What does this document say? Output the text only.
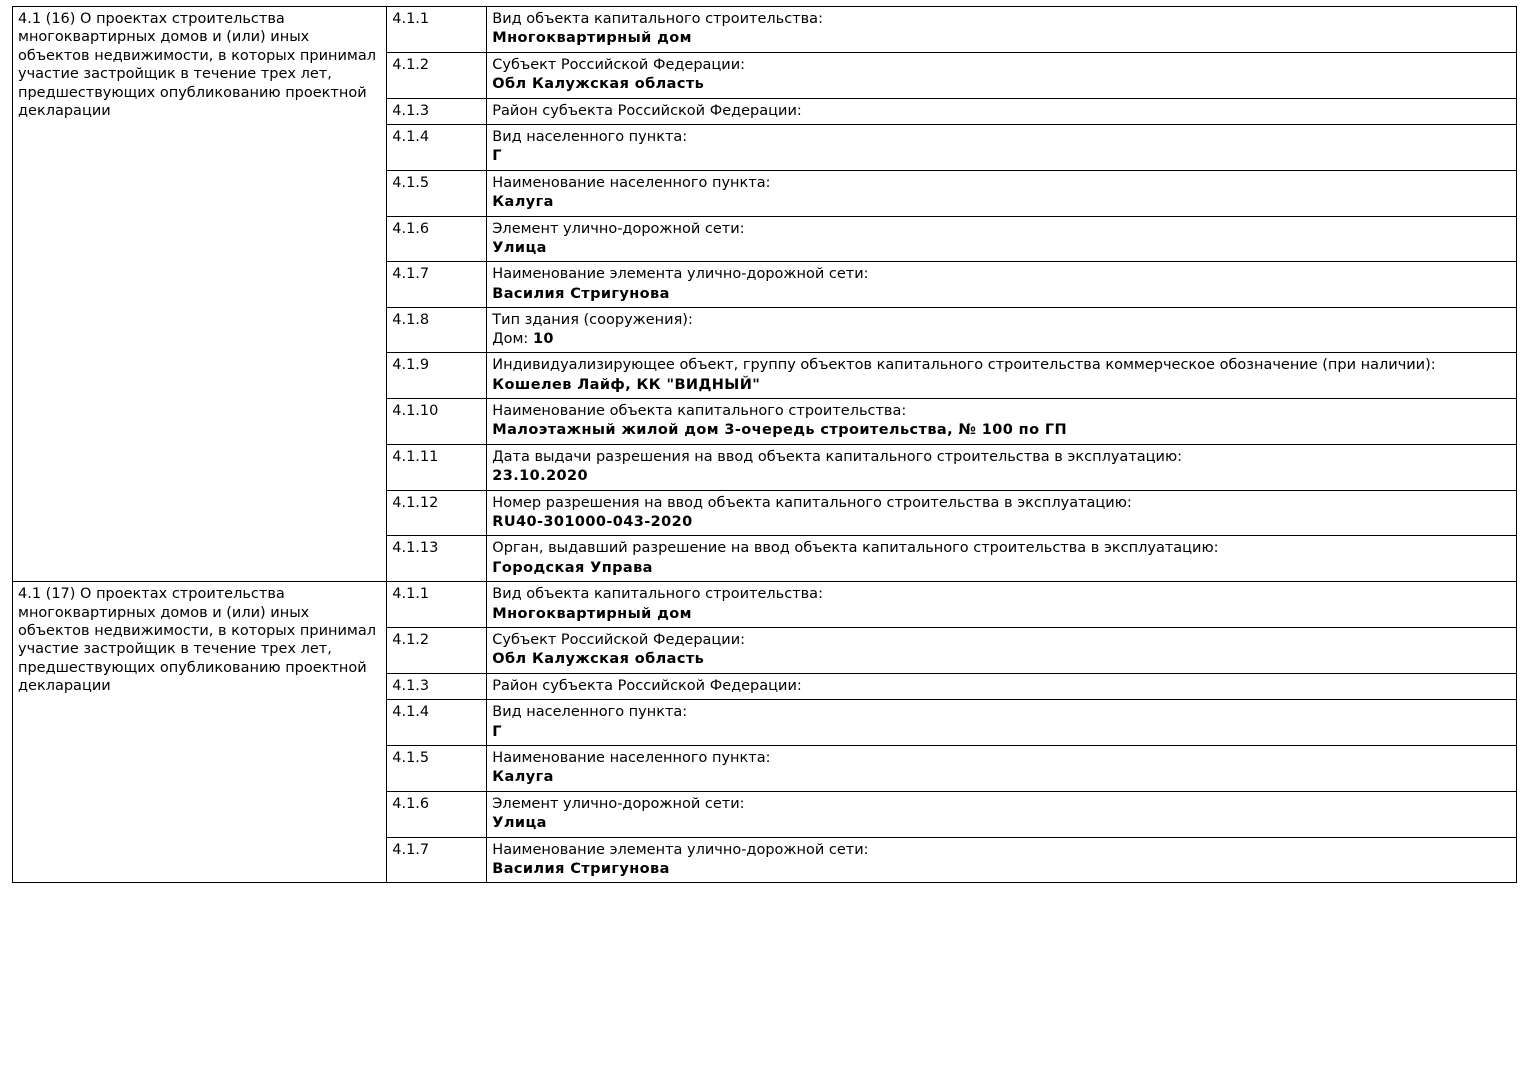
4.1 (16) О проектах строительства многоквартирных домов и (или) иных объектов недвижимости, в которых принимал участие застройщик в течение трех лет, предшествующих опубликованию проектной декларации	4.1.1	Вид объекта капитального строительства:
Многоквартирный дом

	4.1.2	Субъект Российской Федерации:
Обл Калужская область

	4.1.3	Район субъекта Российской Федерации:

	4.1.4	Вид населенного пункта:
Г

	4.1.5	Наименование населенного пункта:
Калуга

	4.1.6	Элемент улично-дорожной сети:
Улица

	4.1.7	Наименование элемента улично-дорожной сети:
Василия Стригунова

	4.1.8	Тип здания (сооружения):
Дом: 10

	4.1.9	Индивидуализирующее объект, группу объектов капитального строительства коммерческое обозначение (при наличии):
Кошелев Лайф, КК "ВИДНЫЙ"

	4.1.10	Наименование объекта капитального строительства:
Малоэтажный жилой дом 3-очередь строительства, № 100 по ГП

	4.1.11	Дата выдачи разрешения на ввод объекта капитального строительства в эксплуатацию:
23.10.2020

	4.1.12	Номер разрешения на ввод объекта капитального строительства в эксплуатацию:
RU40-301000-043-2020

	4.1.13	Орган, выдавший разрешение на ввод объекта капитального строительства в эксплуатацию:
Городская Управа

4.1 (17) О проектах строительства многоквартирных домов и (или) иных объектов недвижимости, в которых принимал участие застройщик в течение трех лет, предшествующих опубликованию проектной декларации	4.1.1	Вид объекта капитального строительства:
Многоквартирный дом

	4.1.2	Субъект Российской Федерации:
Обл Калужская область

	4.1.3	Район субъекта Российской Федерации:

	4.1.4	Вид населенного пункта:
Г

	4.1.5	Наименование населенного пункта:
Калуга

	4.1.6	Элемент улично-дорожной сети:
Улица

	4.1.7	Наименование элемента улично-дорожной сети:
Василия Стригунова
